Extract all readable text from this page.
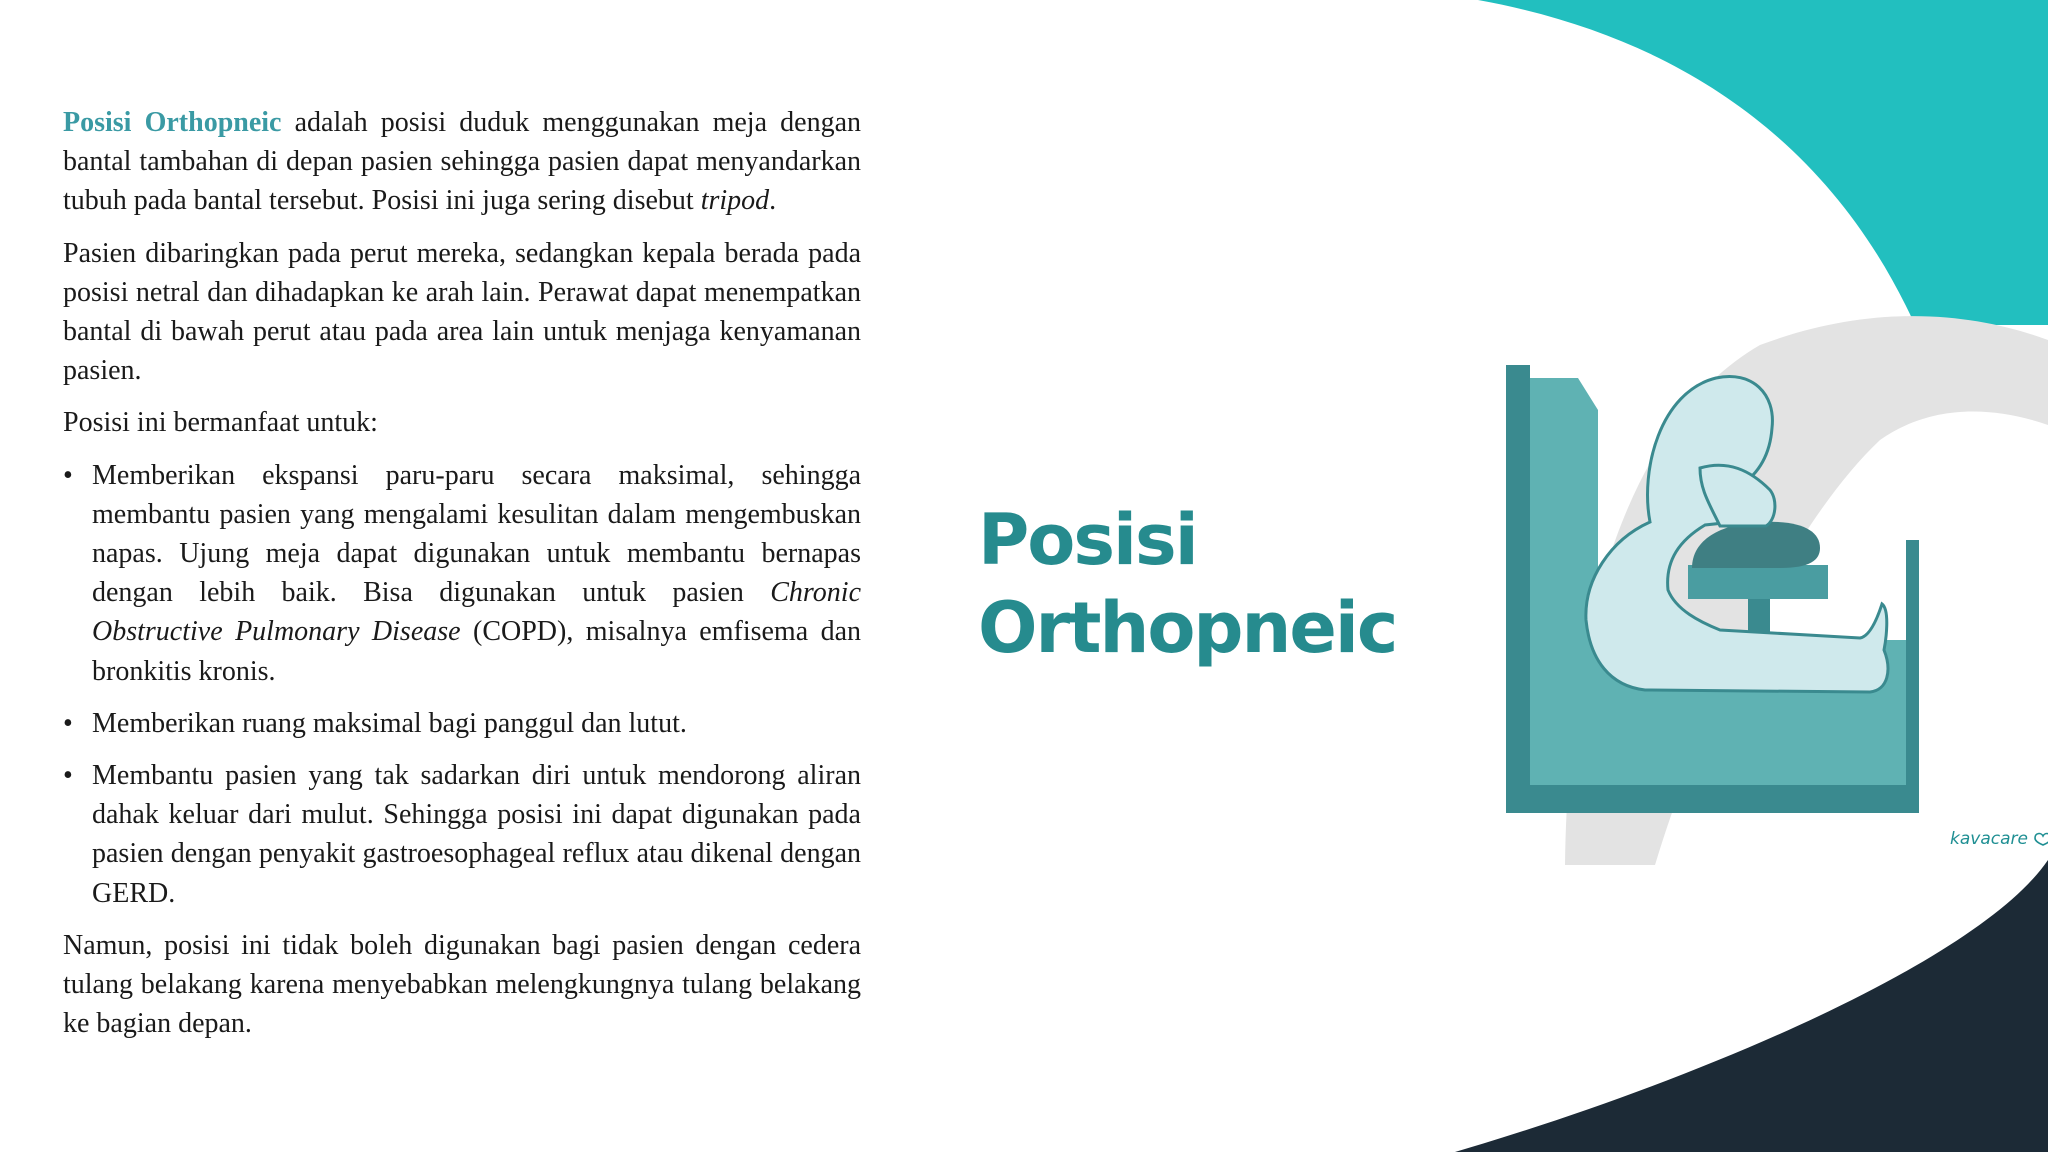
Posisi Orthopneic adalah posisi duduk menggunakan meja dengan bantal tambahan di depan pasien sehingga pasien dapat menyandarkan tubuh pada bantal tersebut. Posisi ini juga sering disebut tripod.

Pasien dibaringkan pada perut mereka, sedangkan kepala berada pada posisi netral dan dihadapkan ke arah lain. Perawat dapat menempatkan bantal di bawah perut atau pada area lain untuk menjaga kenyamanan pasien.

Posisi ini bermanfaat untuk:

• Memberikan ekspansi paru-paru secara maksimal, sehingga membantu pasien yang mengalami kesulitan dalam mengembuskan napas. Ujung meja dapat digunakan untuk membantu bernapas dengan lebih baik. Bisa digunakan untuk pasien Chronic Obstructive Pulmonary Disease (COPD), misalnya emfisema dan bronkitis kronis.
• Memberikan ruang maksimal bagi panggul dan lutut.
• Membantu pasien yang tak sadarkan diri untuk mendorong aliran dahak keluar dari mulut. Sehingga posisi ini dapat digunakan pada pasien dengan penyakit gastroesophageal reflux atau dikenal dengan GERD.

Namun, posisi ini tidak boleh digunakan bagi pasien dengan cedera tulang belakang karena menyebabkan melengkungnya tulang belakang ke bagian depan.

Posisi
Orthopneic
kavacare
